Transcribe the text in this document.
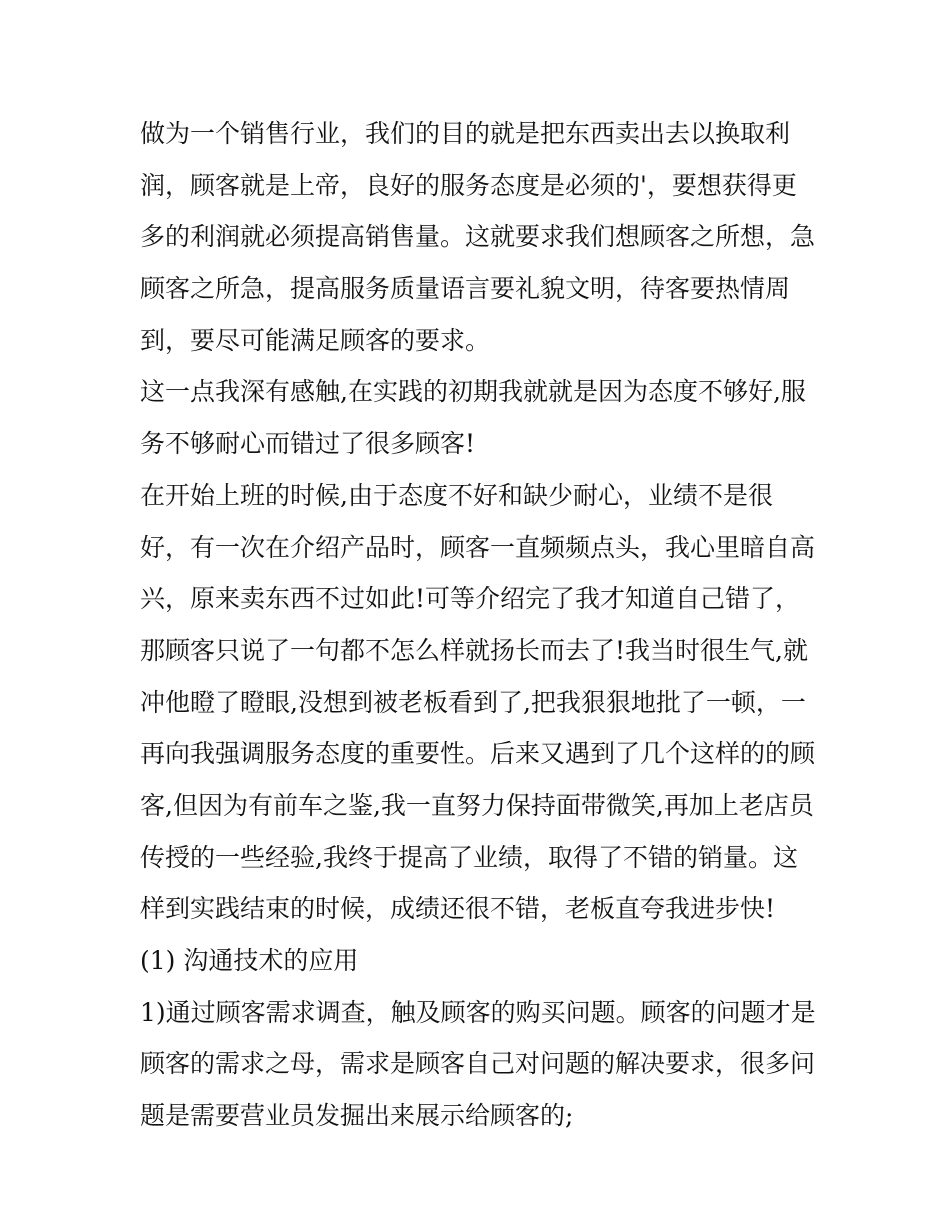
做为一个销售行业，我们的目的就是把东西卖出去以换取利
润，顾客就是上帝，良好的服务态度是必须的'，要想获得更
多的利润就必须提高销售量。这就要求我们想顾客之所想，急
顾客之所急，提高服务质量语言要礼貌文明，待客要热情周
到，要尽可能满足顾客的要求。
这一点我深有感触,在实践的初期我就就是因为态度不够好,服
务不够耐心而错过了很多顾客!
在开始上班的时候,由于态度不好和缺少耐心，业绩不是很
好，有一次在介绍产品时，顾客一直频频点头，我心里暗自高
兴，原来卖东西不过如此!可等介绍完了我才知道自己错了，
那顾客只说了一句都不怎么样就扬长而去了!我当时很生气,就
冲他瞪了瞪眼,没想到被老板看到了,把我狠狠地批了一顿，一
再向我强调服务态度的重要性。后来又遇到了几个这样的的顾
客,但因为有前车之鉴,我一直努力保持面带微笑,再加上老店员
传授的一些经验,我终于提高了业绩，取得了不错的销量。这
样到实践结束的时候，成绩还很不错，老板直夸我进步快!
(1) 沟通技术的应用
1)通过顾客需求调查，触及顾客的购买问题。顾客的问题才是
顾客的需求之母，需求是顾客自己对问题的解决要求，很多问
题是需要营业员发掘出来展示给顾客的;
